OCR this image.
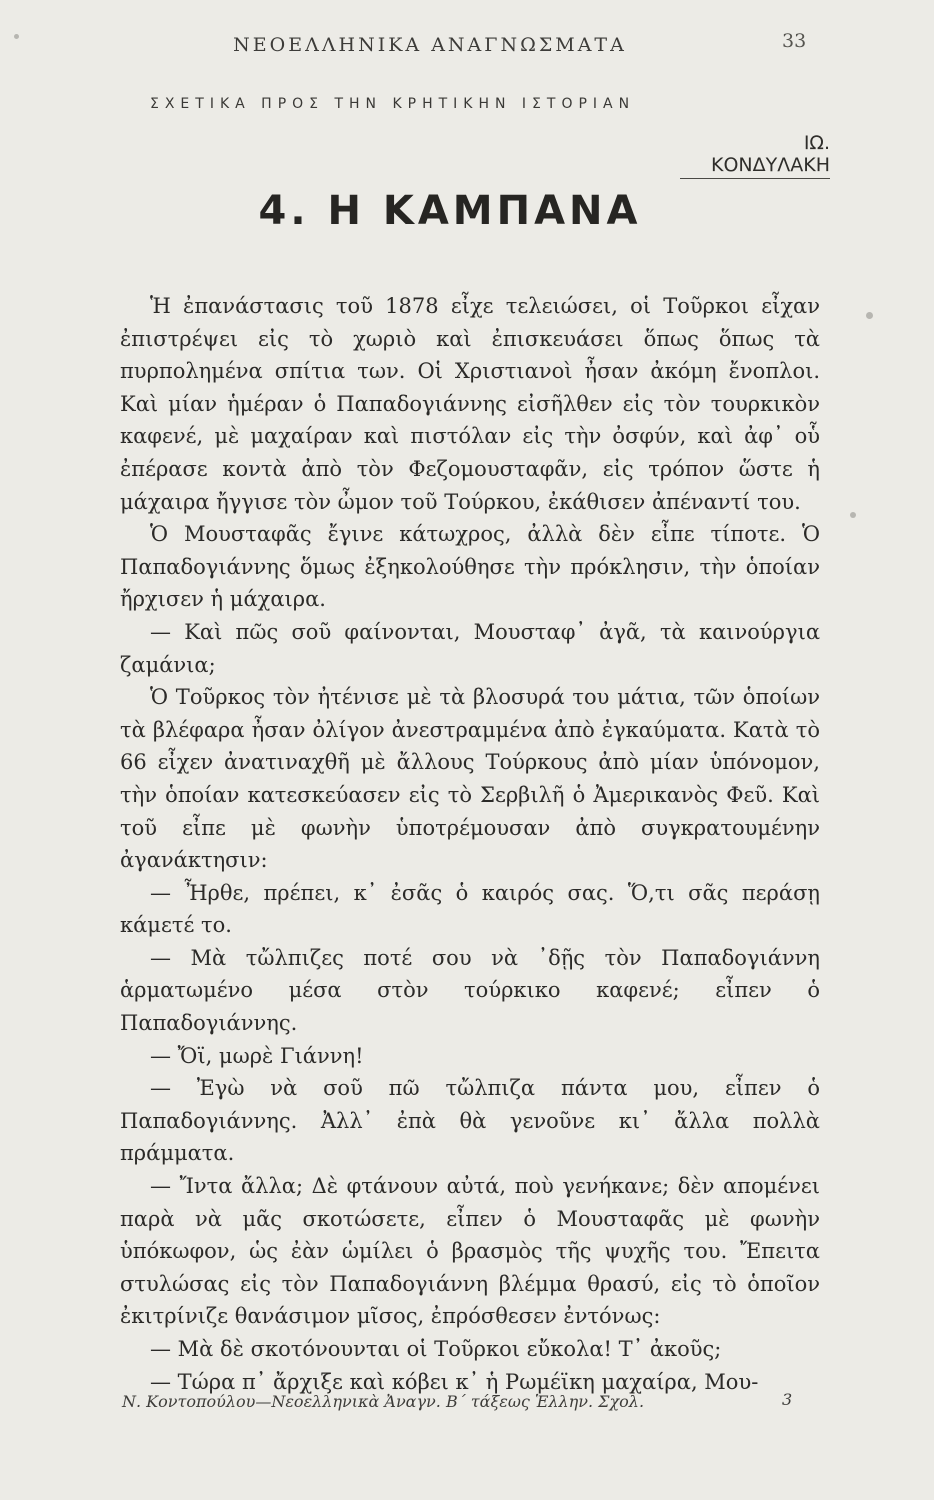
ΝΕΟΕΛΛΗΝΙΚΑ ΑΝΑΓΝΩΣΜΑΤΑ	33
ΣΧΕΤΙΚΑ ΠΡΟΣ ΤΗΝ ΚΡΗΤΙΚΗΝ ΙΣΤΟΡΙΑΝ
ΙΩ. ΚΟΝΔΥΛΑΚΗ
4. Η ΚΑΜΠΑΝΑ

Ἡ ἐπανάστασις τοῦ 1878 εἶχε τελειώσει, οἱ Τοῦρκοι εἶχαν ἐπιστρέψει εἰς τὸ χωριὸ καὶ ἐπισκευάσει ὅπως ὅπως τὰ πυρπολημένα σπίτια των. Οἱ Χριστιανοὶ ἦσαν ἀκόμη ἔνοπλοι. Καὶ μίαν ἡμέραν ὁ Παπαδογιάννης εἰσῆλθεν εἰς τὸν τουρκικὸν καφενέ, μὲ μαχαίραν καὶ πιστόλαν εἰς τὴν ὀσφύν, καὶ ἀφ᾿ οὗ ἐπέρασε κοντὰ ἀπὸ τὸν Φεζομουσταφᾶν, εἰς τρόπον ὥστε ἡ μάχαιρα ἤγγισε τὸν ὦμον τοῦ Τούρκου, ἐκάθισεν ἀπέναντί του.

Ὁ Μουσταφᾶς ἔγινε κάτωχρος, ἀλλὰ δὲν εἶπε τίποτε. Ὁ Παπαδογιάννης ὅμως ἐξηκολούθησε τὴν πρόκλησιν, τὴν ὁποίαν ἤρχισεν ἡ μάχαιρα.

— Καὶ πῶς σοῦ φαίνονται, Μουσταφ᾿ ἀγᾶ, τὰ καινούργια ζαμάνια;

Ὁ Τοῦρκος τὸν ἠτένισε μὲ τὰ βλοσυρά του μάτια, τῶν ὁποίων τὰ βλέφαρα ἦσαν ὀλίγον ἀνεστραμμένα ἀπὸ ἐγκαύματα. Κατὰ τὸ 66 εἶχεν ἀνατιναχθῆ μὲ ἄλλους Τούρκους ἀπὸ μίαν ὑπόνομον, τὴν ὁποίαν κατεσκεύασεν εἰς τὸ Σερβιλῆ ὁ Ἀμερικανὸς Φεῦ. Καὶ τοῦ εἶπε μὲ φωνὴν ὑποτρέμουσαν ἀπὸ συγκρατουμένην ἀγανάκτησιν:

— Ἦρθε, πρέπει, κ᾿ ἐσᾶς ὁ καιρός σας. Ὅ,τι σᾶς περάσῃ κάμετέ το.

— Μὰ τὤλπιζες ποτέ σου νὰ ᾿δῇς τὸν Παπαδογιάννη ἁρματωμένο μέσα στὸν τούρκικο καφενέ; εἶπεν ὁ Παπαδογιάννης.

— Ὄϊ, μωρὲ Γιάννη!

— Ἐγὼ νὰ σοῦ πῶ τὤλπιζα πάντα μου, εἶπεν ὁ Παπαδογιάννης. Ἀλλ᾿ ἐπὰ θὰ γενοῦνε κι᾿ ἄλλα πολλὰ πράμματα.

— Ἴντα ἄλλα; Δὲ φτάνουν αὐτά, ποὺ γενήκανε; δὲν απομένει παρὰ νὰ μᾶς σκοτώσετε, εἶπεν ὁ Μουσταφᾶς μὲ φωνὴν ὑπόκωφον, ὡς ἐὰν ὡμίλει ὁ βρασμὸς τῆς ψυχῆς του. Ἔπειτα στυλώσας εἰς τὸν Παπαδογιάννη βλέμμα θρασύ, εἰς τὸ ὁποῖον ἐκιτρίνιζε θανάσιμον μῖσος, ἐπρόσθεσεν ἐντόνως:

— Μὰ δὲ σκοτόνουνται οἱ Τοῦρκοι εὔκολα! Τ᾿ ἀκοῦς;

— Τώρα π᾿ ἄρχιξε καὶ κόβει κ᾿ ἡ Ρωμέϊκη μαχαίρα, Μου-

Ν. Κοντοπούλου—Νεοελληνικὰ Ἀναγν. Β´ τάξεως Ἑλλην. Σχολ.	3
